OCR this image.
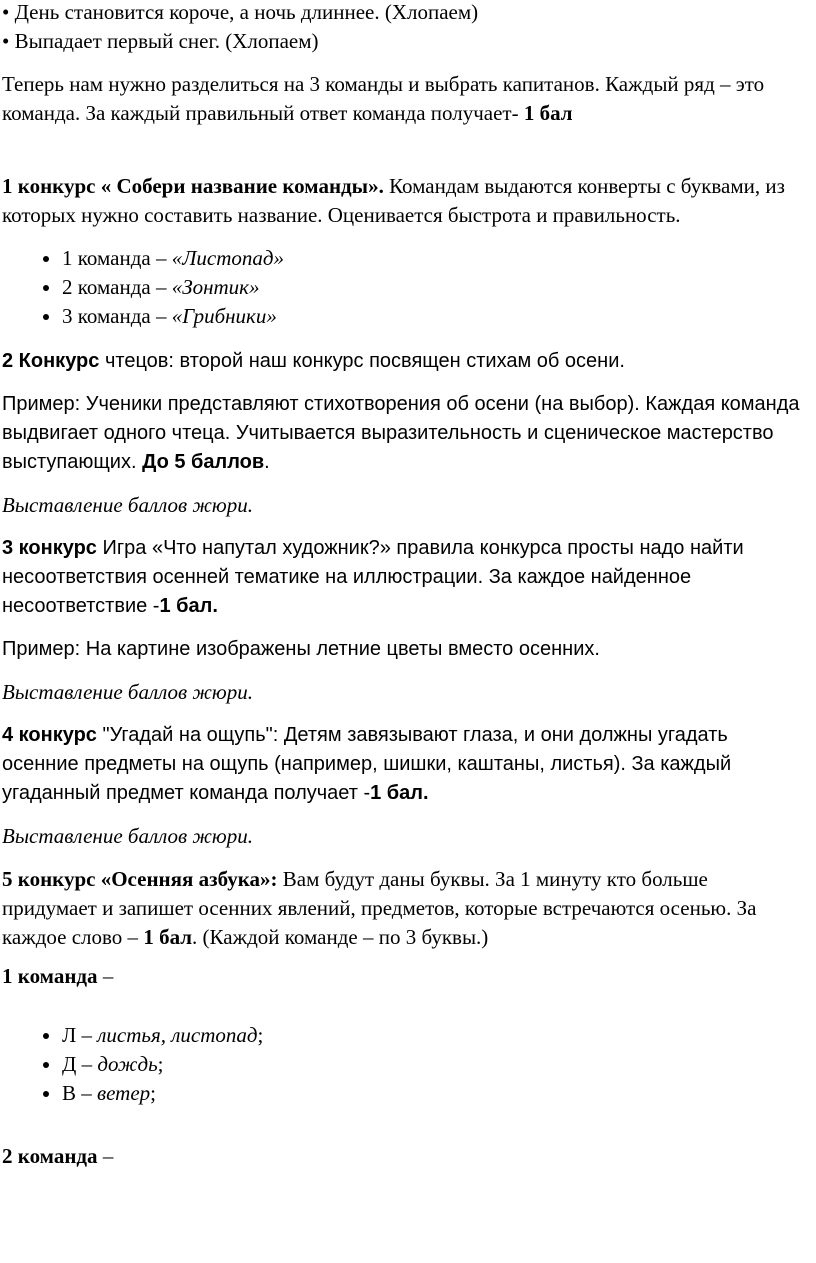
• День становится короче, а ночь длиннее. (Хлопаем)

• Выпадает первый снег. (Хлопаем)

Теперь нам нужно разделиться на 3 команды и выбрать капитанов. Каждый ряд – это команда. За каждый правильный ответ команда получает- 1 бал

1 конкурс « Собери название команды». Командам выдаются конверты с буквами, из которых нужно составить название. Оценивается быстрота и правильность.

• 1 команда – «Листопад»
• 2 команда – «Зонтик»
• 3 команда – «Грибники»

2 Конкурс чтецов: второй наш конкурс посвящен стихам об осени.

Пример: Ученики представляют стихотворения об осени (на выбор). Каждая команда выдвигает одного чтеца. Учитывается выразительность и сценическое мастерство выступающих. До 5 баллов.

Выставление баллов жюри.

3 конкурс Игра «Что напутал художник?» правила конкурса просты надо найти несоответствия осенней тематике на иллюстрации. За каждое найденное несоответствие -1 бал.

Пример: На картине изображены летние цветы вместо осенних.

Выставление баллов жюри.

4 конкурс "Угадай на ощупь": Детям завязывают глаза, и они должны угадать осенние предметы на ощупь (например, шишки, каштаны, листья). За каждый угаданный предмет команда получает -1 бал.

Выставление баллов жюри.

5 конкурс «Осенняя азбука»: Вам будут даны буквы. За 1 минуту кто больше придумает и запишет осенних явлений, предметов, которые встречаются осенью. За каждое слово – 1 бал. (Каждой команде – по 3 буквы.)

1 команда –

• Л – листья, листопад;
• Д – дождь;
• В – ветер;

2 команда –
